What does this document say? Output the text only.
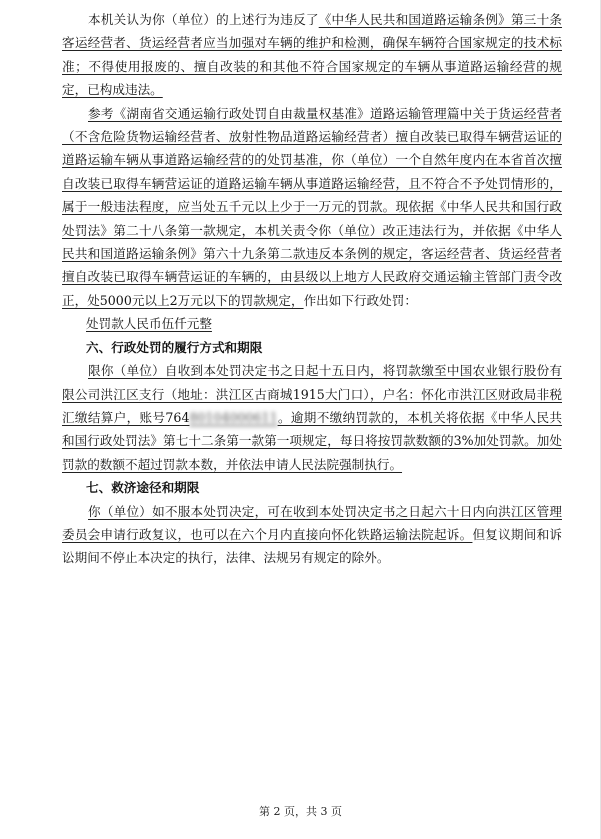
本机关认为你（单位）的上述行为违反了《中华人民共和国道路运输条例》第三十条客运经营者、货运经营者应当加强对车辆的维护和检测，确保车辆符合国家规定的技术标准；不得使用报废的、擅自改装的和其他不符合国家规定的车辆从事道路运输经营的规定，已构成违法。

参考《湖南省交通运输行政处罚自由裁量权基准》道路运输管理篇中关于货运经营者（不含危险货物运输经营者、放射性物品道路运输经营者）擅自改装已取得车辆营运证的道路运输车辆从事道路运输经营的的处罚基准，你（单位）一个自然年度内在本省首次擅自改装已取得车辆营运证的道路运输车辆从事道路运输经营，且不符合不予处罚情形的，属于一般违法程度，应当处五千元以上少于一万元的罚款。现依据《中华人民共和国行政处罚法》第二十八条第一款规定，本机关责令你（单位）改正违法行为，并依据《中华人民共和国道路运输条例》第六十九条第二款违反本条例的规定，客运经营者、货运经营者擅自改装已取得车辆营运证的车辆的，由县级以上地方人民政府交通运输主管部门责令改正，处5000元以上2万元以下的罚款规定，作出如下行政处罚：

处罚款人民币伍仟元整

六、行政处罚的履行方式和期限

限你（单位）自收到本处罚决定书之日起十五日内，将罚款缴至中国农业银行股份有限公司洪江区支行（地址：洪江区古商城1915大门口），户名：怀化市洪江区财政局非税汇缴结算户，账号76480104000611。逾期不缴纳罚款的，本机关将依据《中华人民共和国行政处罚法》第七十二条第一款第一项规定，每日将按罚款数额的3%加处罚款。加处罚款的数额不超过罚款本数，并依法申请人民法院强制执行。

七、救济途径和期限

你（单位）如不服本处罚决定，可在收到本处罚决定书之日起六十日内向洪江区管理委员会申请行政复议，也可以在六个月内直接向怀化铁路运输法院起诉。但复议期间和诉讼期间不停止本决定的执行，法律、法规另有规定的除外。

第 2 页，共 3 页
